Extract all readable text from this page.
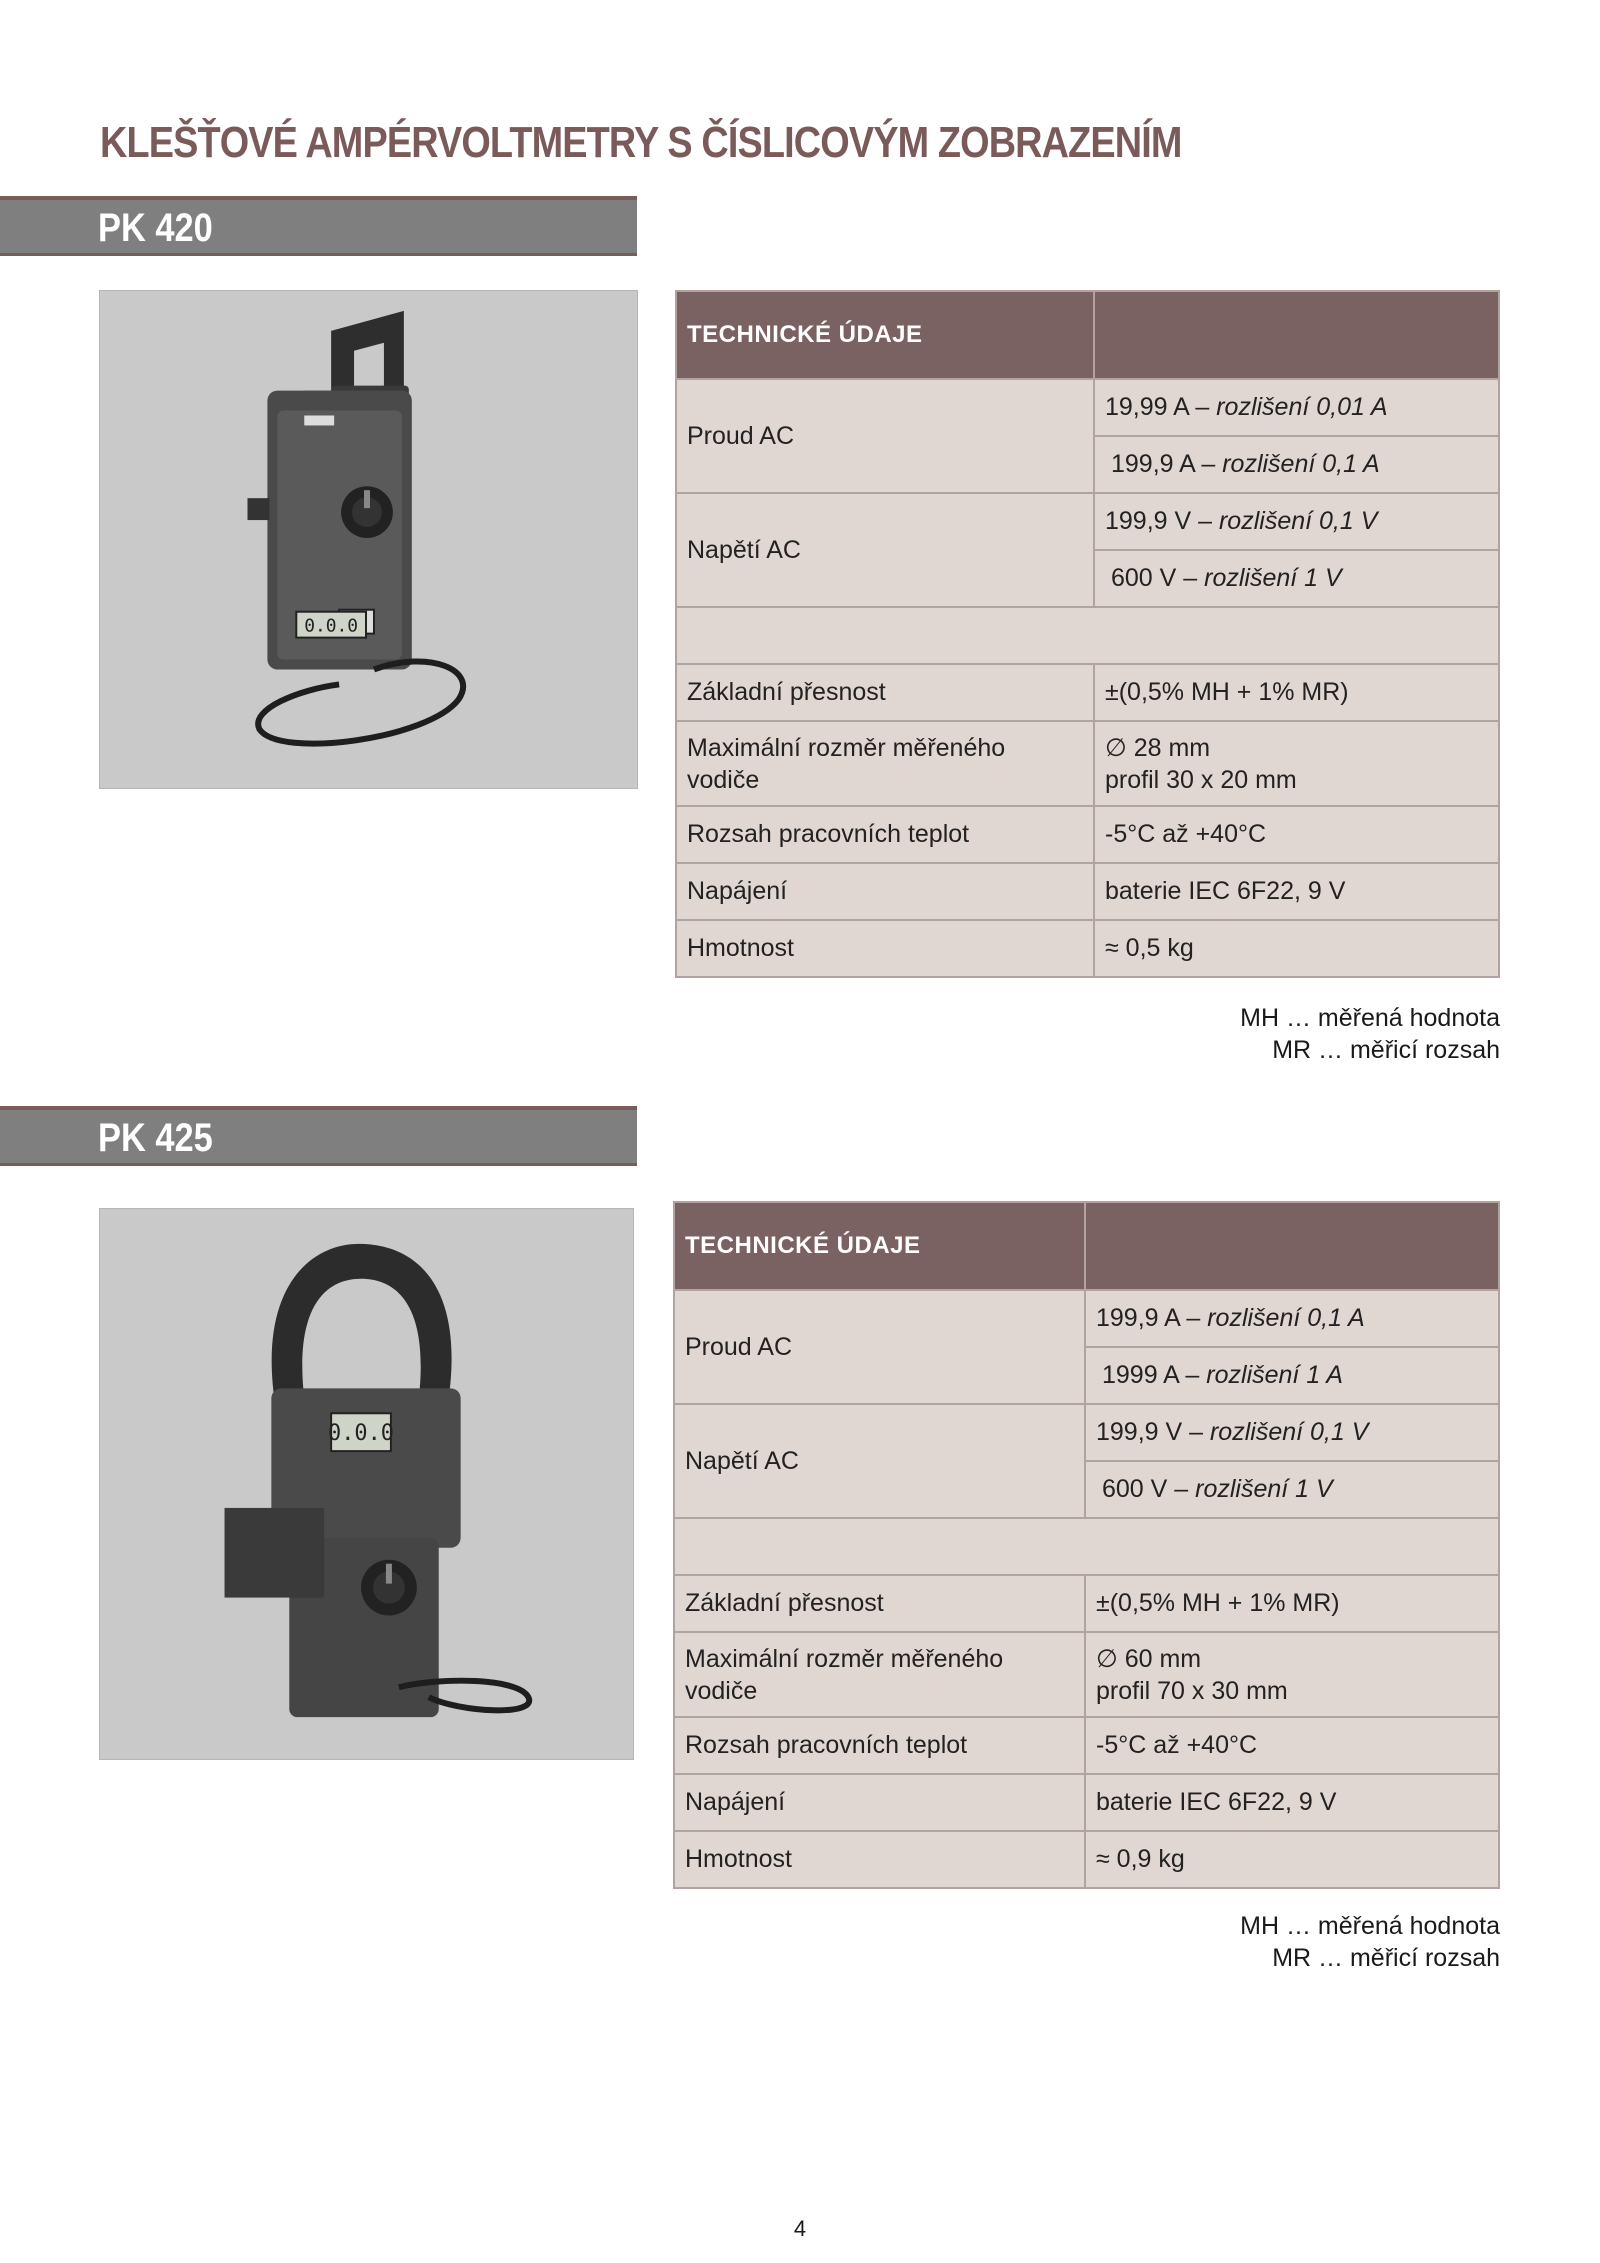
KLEŠŤOVÉ AMPÉRVOLTMETRY S ČÍSLICOVÝM ZOBRAZENÍM
PK 420
0.0.0
TECHNICKÉ ÚDAJE	
Proud AC	19,99 A – rozlišení 0,01 A
	199,9 A – rozlišení 0,1 A
Napětí AC	199,9 V – rozlišení 0,1 V
	600 V – rozlišení 1 V

Základní přesnost	±(0,5% MH + 1% MR)
Maximální rozměr měřeného
vodiče	∅ 28 mm
profil 30 x 20 mm
Rozsah pracovních teplot	-5°C až +40°C
Napájení	baterie IEC 6F22, 9 V
Hmotnost	≈ 0,5 kg
MH … měřená hodnota
MR … měřicí rozsah
PK 425
0.0.0
TECHNICKÉ ÚDAJE	
Proud AC	199,9 A – rozlišení 0,1 A
	1999 A – rozlišení 1 A
Napětí AC	199,9 V – rozlišení 0,1 V
	600 V – rozlišení 1 V

Základní přesnost	±(0,5% MH + 1% MR)
Maximální rozměr měřeného
vodiče	∅ 60 mm
profil 70 x 30 mm
Rozsah pracovních teplot	-5°C až +40°C
Napájení	baterie IEC 6F22, 9 V
Hmotnost	≈ 0,9 kg
MH … měřená hodnota
MR … měřicí rozsah
4
